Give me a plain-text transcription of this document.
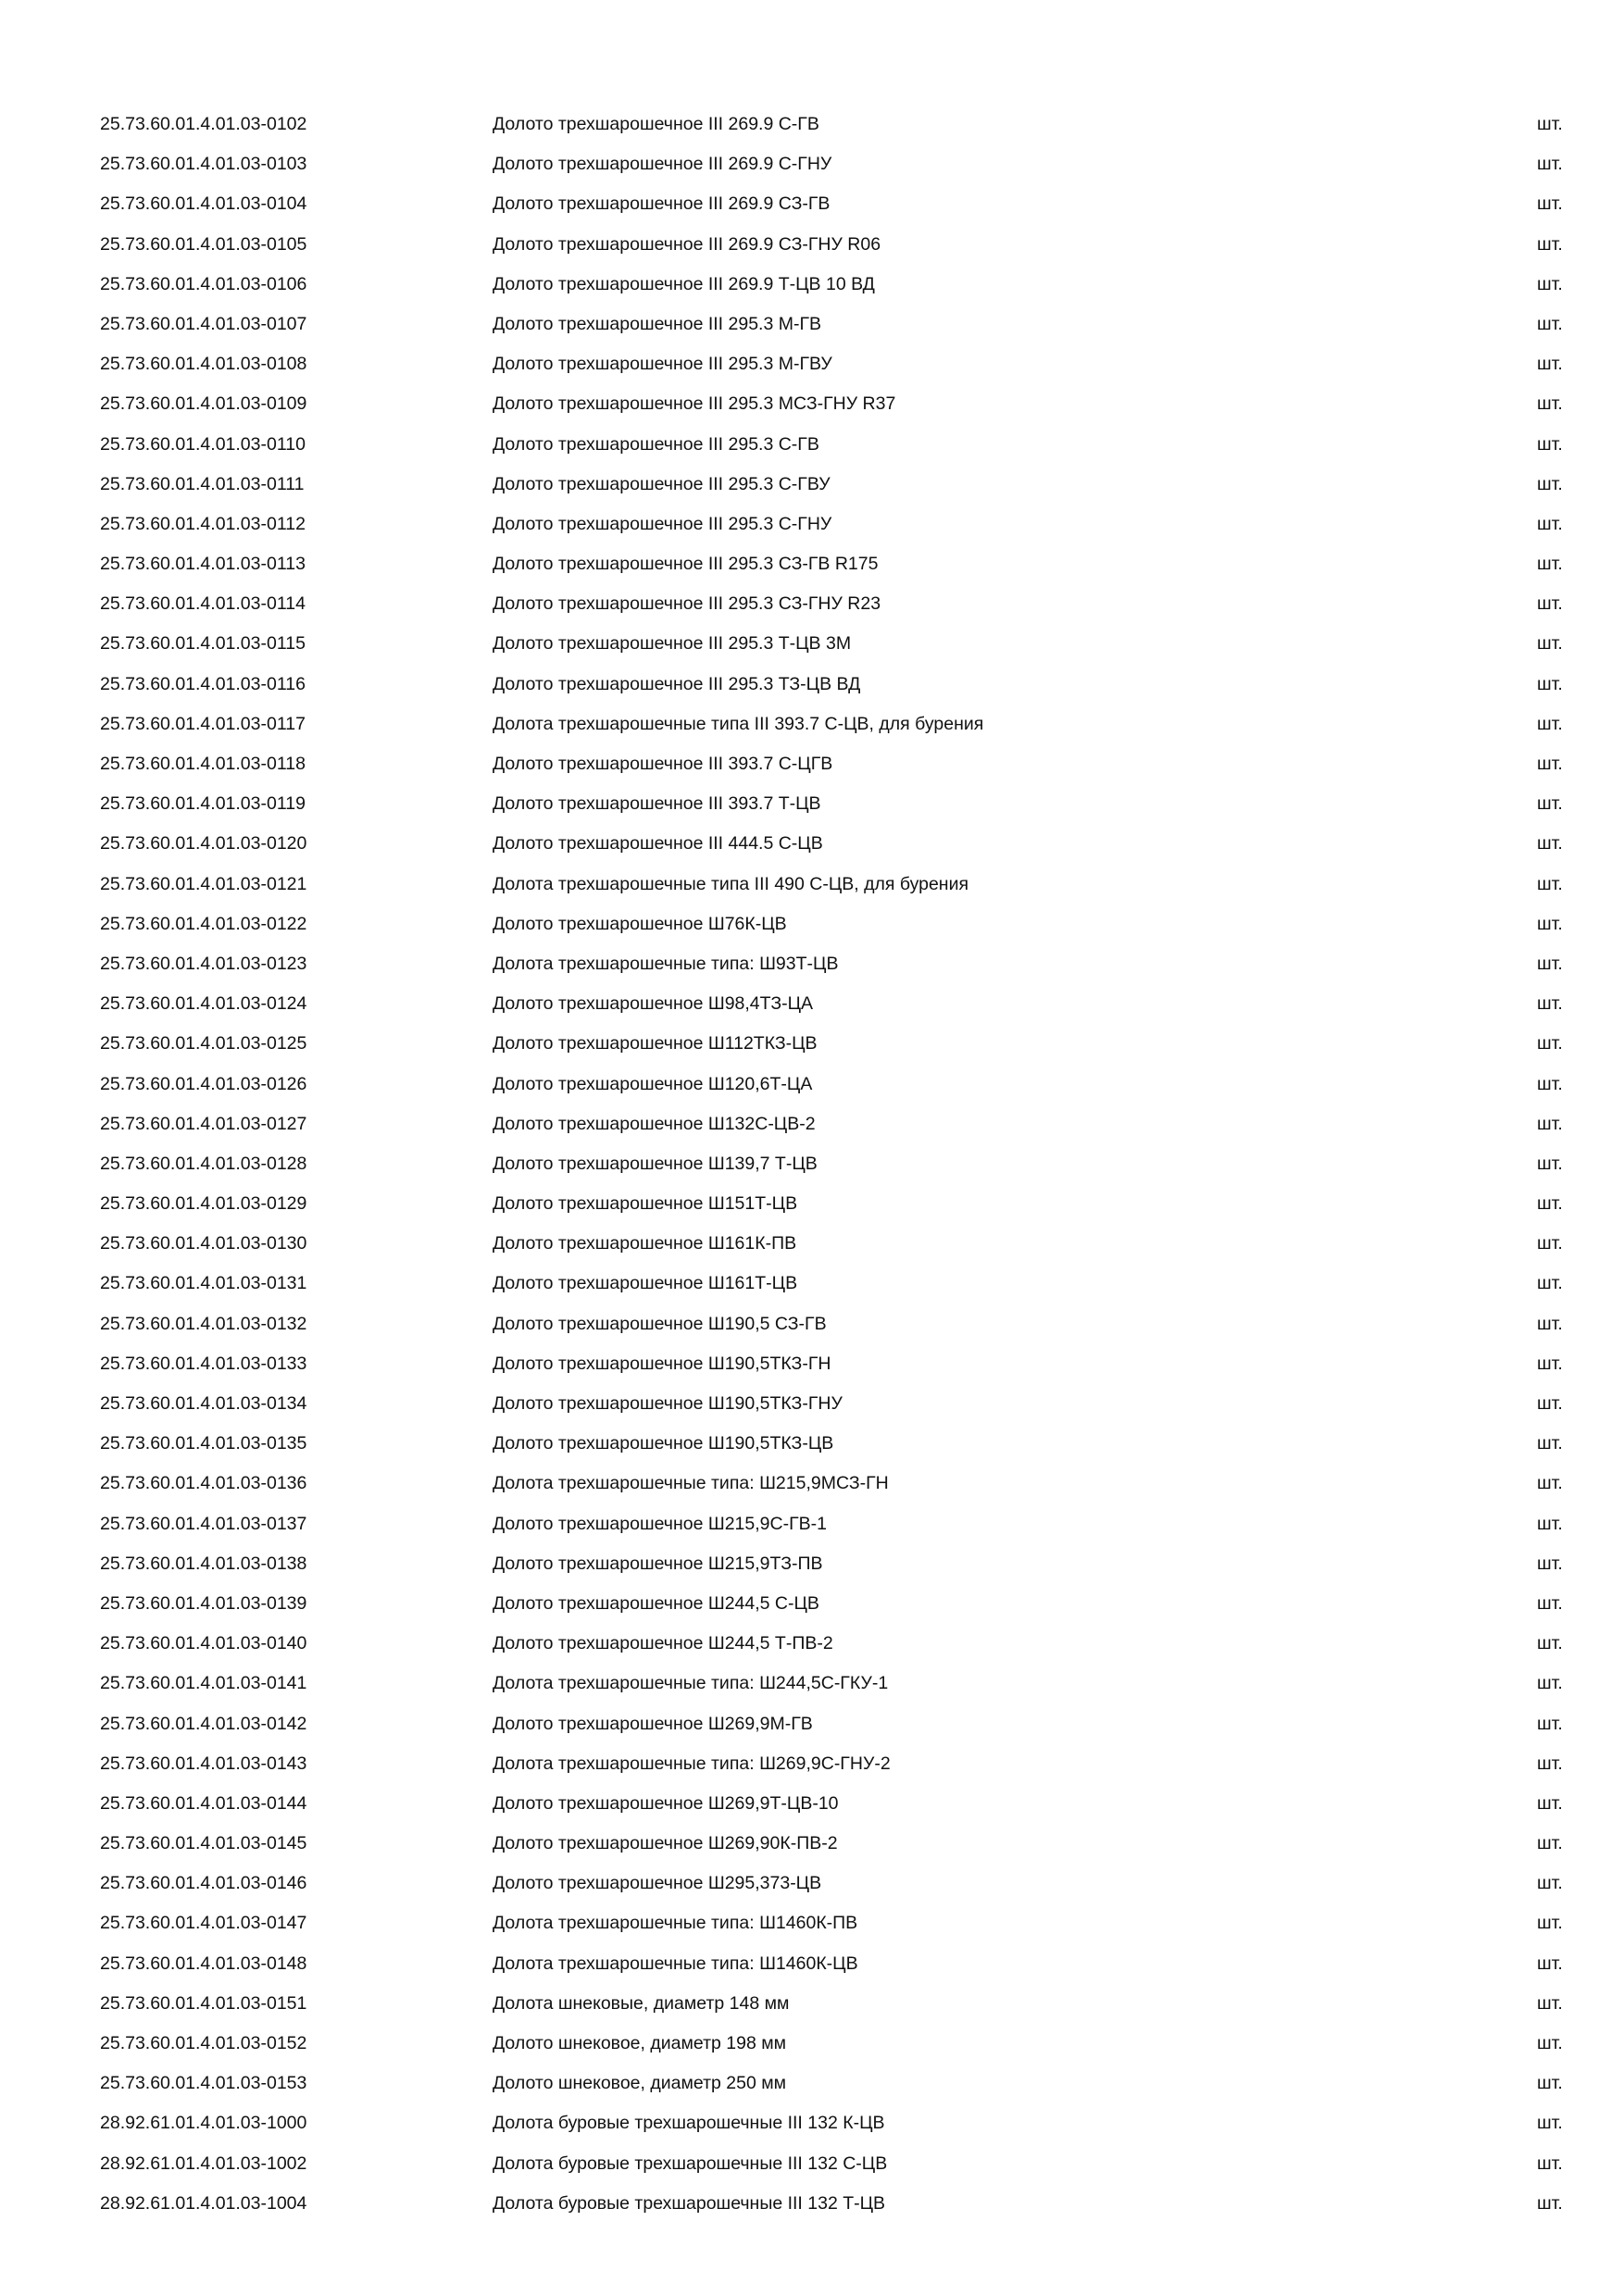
25.73.60.01.4.01.03-0102	Долото трехшарошечное III 269.9 С-ГВ	шт.
25.73.60.01.4.01.03-0103	Долото трехшарошечное III 269.9 С-ГНУ	шт.
25.73.60.01.4.01.03-0104	Долото трехшарошечное III 269.9 СЗ-ГВ	шт.
25.73.60.01.4.01.03-0105	Долото трехшарошечное III 269.9 СЗ-ГНУ R06	шт.
25.73.60.01.4.01.03-0106	Долото трехшарошечное III 269.9 Т-ЦВ 10 ВД	шт.
25.73.60.01.4.01.03-0107	Долото трехшарошечное III 295.3 М-ГВ	шт.
25.73.60.01.4.01.03-0108	Долото трехшарошечное III 295.3 М-ГВУ	шт.
25.73.60.01.4.01.03-0109	Долото трехшарошечное III 295.3 МСЗ-ГНУ R37	шт.
25.73.60.01.4.01.03-0110	Долото трехшарошечное III 295.3 С-ГВ	шт.
25.73.60.01.4.01.03-0111	Долото трехшарошечное III 295.3 С-ГВУ	шт.
25.73.60.01.4.01.03-0112	Долото трехшарошечное III 295.3 С-ГНУ	шт.
25.73.60.01.4.01.03-0113	Долото трехшарошечное III 295.3 СЗ-ГВ R175	шт.
25.73.60.01.4.01.03-0114	Долото трехшарошечное III 295.3 СЗ-ГНУ R23	шт.
25.73.60.01.4.01.03-0115	Долото трехшарошечное III 295.3 Т-ЦВ 3М	шт.
25.73.60.01.4.01.03-0116	Долото трехшарошечное III 295.3 ТЗ-ЦВ ВД	шт.
25.73.60.01.4.01.03-0117	Долота трехшарошечные типа III 393.7 С-ЦВ, для бурения	шт.
25.73.60.01.4.01.03-0118	Долото трехшарошечное III 393.7 С-ЦГВ	шт.
25.73.60.01.4.01.03-0119	Долото трехшарошечное III 393.7 Т-ЦВ	шт.
25.73.60.01.4.01.03-0120	Долото трехшарошечное III 444.5 С-ЦВ	шт.
25.73.60.01.4.01.03-0121	Долота трехшарошечные типа III 490 С-ЦВ, для бурения	шт.
25.73.60.01.4.01.03-0122	Долото трехшарошечное Ш76К-ЦВ	шт.
25.73.60.01.4.01.03-0123	Долота трехшарошечные типа: Ш93Т-ЦВ	шт.
25.73.60.01.4.01.03-0124	Долото трехшарошечное Ш98,4ТЗ-ЦА	шт.
25.73.60.01.4.01.03-0125	Долото трехшарошечное Ш112ТКЗ-ЦВ	шт.
25.73.60.01.4.01.03-0126	Долото трехшарошечное Ш120,6Т-ЦА	шт.
25.73.60.01.4.01.03-0127	Долото трехшарошечное Ш132С-ЦВ-2	шт.
25.73.60.01.4.01.03-0128	Долото трехшарошечное Ш139,7 Т-ЦВ	шт.
25.73.60.01.4.01.03-0129	Долото трехшарошечное Ш151Т-ЦВ	шт.
25.73.60.01.4.01.03-0130	Долото трехшарошечное Ш161К-ПВ	шт.
25.73.60.01.4.01.03-0131	Долото трехшарошечное Ш161Т-ЦВ	шт.
25.73.60.01.4.01.03-0132	Долото трехшарошечное Ш190,5 СЗ-ГВ	шт.
25.73.60.01.4.01.03-0133	Долото трехшарошечное Ш190,5ТКЗ-ГН	шт.
25.73.60.01.4.01.03-0134	Долото трехшарошечное Ш190,5ТКЗ-ГНУ	шт.
25.73.60.01.4.01.03-0135	Долото трехшарошечное Ш190,5ТКЗ-ЦВ	шт.
25.73.60.01.4.01.03-0136	Долота трехшарошечные типа: Ш215,9МСЗ-ГН	шт.
25.73.60.01.4.01.03-0137	Долото трехшарошечное Ш215,9С-ГВ-1	шт.
25.73.60.01.4.01.03-0138	Долото трехшарошечное Ш215,9ТЗ-ПВ	шт.
25.73.60.01.4.01.03-0139	Долото трехшарошечное Ш244,5 С-ЦВ	шт.
25.73.60.01.4.01.03-0140	Долото трехшарошечное Ш244,5 Т-ПВ-2	шт.
25.73.60.01.4.01.03-0141	Долота трехшарошечные типа: Ш244,5С-ГКУ-1	шт.
25.73.60.01.4.01.03-0142	Долото трехшарошечное Ш269,9М-ГВ	шт.
25.73.60.01.4.01.03-0143	Долота трехшарошечные типа: Ш269,9С-ГНУ-2	шт.
25.73.60.01.4.01.03-0144	Долото трехшарошечное Ш269,9Т-ЦВ-10	шт.
25.73.60.01.4.01.03-0145	Долото трехшарошечное Ш269,90К-ПВ-2	шт.
25.73.60.01.4.01.03-0146	Долото трехшарошечное Ш295,373-ЦВ	шт.
25.73.60.01.4.01.03-0147	Долота трехшарошечные типа: Ш1460К-ПВ	шт.
25.73.60.01.4.01.03-0148	Долота трехшарошечные типа: Ш1460К-ЦВ	шт.
25.73.60.01.4.01.03-0151	Долота шнековые, диаметр 148 мм	шт.
25.73.60.01.4.01.03-0152	Долото шнековое, диаметр 198 мм	шт.
25.73.60.01.4.01.03-0153	Долото шнековое, диаметр 250 мм	шт.
28.92.61.01.4.01.03-1000	Долота буровые трехшарошечные III 132 К-ЦВ	шт.
28.92.61.01.4.01.03-1002	Долота буровые трехшарошечные III 132 С-ЦВ	шт.
28.92.61.01.4.01.03-1004	Долота буровые трехшарошечные III 132 Т-ЦВ	шт.
